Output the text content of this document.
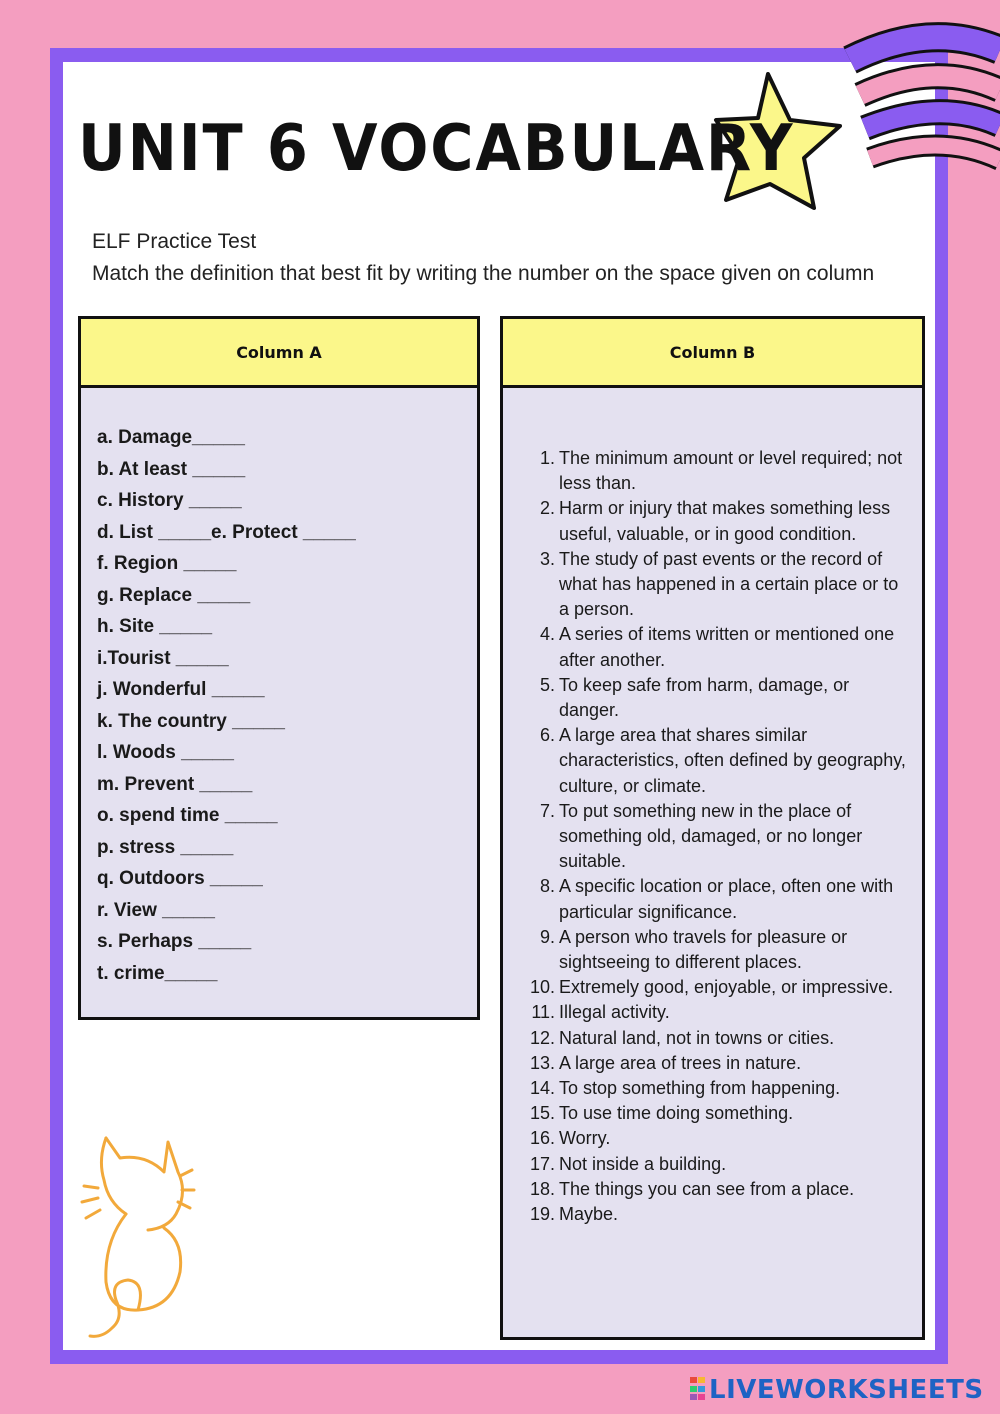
UNIT 6 VOCABULARY
ELF Practice Test
Match the definition that best fit by writing the number on the space given on column
Column A
a. Damage_____
b. At least _____
c. History _____
d. List _____e. Protect _____
f. Region _____
g. Replace _____
h. Site _____
i.Tourist _____
j. Wonderful _____
k. The country _____
l. Woods _____
m. Prevent _____
o. spend time _____
p. stress _____
q. Outdoors _____
r. View _____
s. Perhaps _____
t. crime_____
Column B
1. The minimum amount or level required; not less than.
2. Harm or injury that makes something less useful, valuable, or in good condition.
3. The study of past events or the record of what has happened in a certain place or to a person.
4. A series of items written or mentioned one after another.
5. To keep safe from harm, damage, or danger.
6. A large area that shares similar characteristics, often defined by geography, culture, or climate.
7. To put something new in the place of something old, damaged, or no longer suitable.
8. A specific location or place, often one with particular significance.
9. A person who travels for pleasure or sightseeing to different places.
10. Extremely good, enjoyable, or impressive.
11. Illegal activity.
12. Natural land, not in towns or cities.
13. A large area of trees in nature.
14. To stop something from happening.
15. To use time doing something.
16. Worry.
17. Not inside a building.
18. The things you can see from a place.
19. Maybe.
LIVEWORKSHEETS
